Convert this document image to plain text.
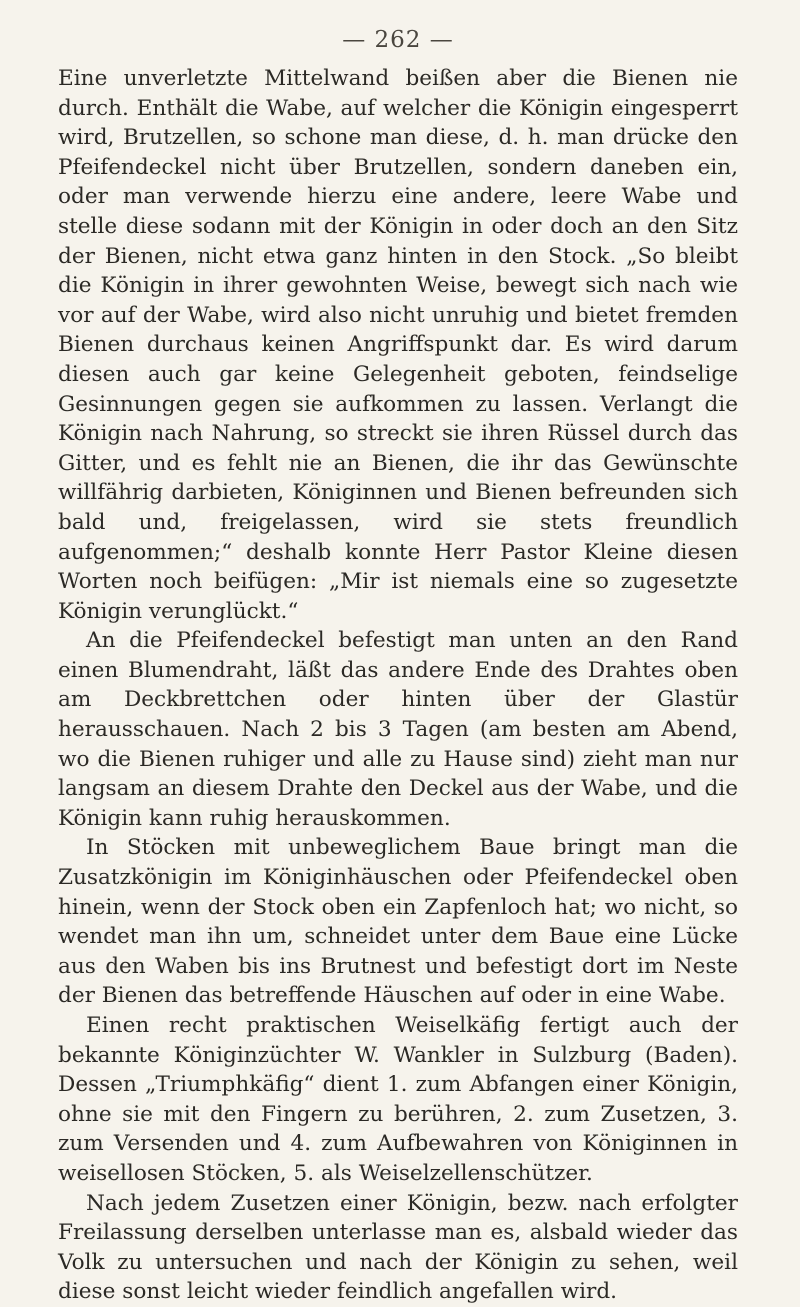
— 262 —

Eine unverletzte Mittelwand beißen aber die Bienen nie durch. Enthält die Wabe, auf welcher die Königin eingesperrt wird, Brutzellen, so schone man diese, d. h. man drücke den Pfeifendeckel nicht über Brutzellen, sondern daneben ein, oder man verwende hierzu eine andere, leere Wabe und stelle diese sodann mit der Königin in oder doch an den Sitz der Bienen, nicht etwa ganz hinten in den Stock. „So bleibt die Königin in ihrer gewohnten Weise, bewegt sich nach wie vor auf der Wabe, wird also nicht unruhig und bietet fremden Bienen durchaus keinen Angriffspunkt dar. Es wird darum diesen auch gar keine Gelegenheit geboten, feindselige Gesinnungen gegen sie aufkommen zu lassen. Verlangt die Königin nach Nahrung, so streckt sie ihren Rüssel durch das Gitter, und es fehlt nie an Bienen, die ihr das Gewünschte willfährig darbieten, Königinnen und Bienen befreunden sich bald und, freigelassen, wird sie stets freundlich aufgenommen;“ deshalb konnte Herr Pastor Kleine diesen Worten noch beifügen: „Mir ist niemals eine so zugesetzte Königin verunglückt.“

An die Pfeifendeckel befestigt man unten an den Rand einen Blumendraht, läßt das andere Ende des Drahtes oben am Deckbrettchen oder hinten über der Glastür herausschauen. Nach 2 bis 3 Tagen (am besten am Abend, wo die Bienen ruhiger und alle zu Hause sind) zieht man nur langsam an diesem Drahte den Deckel aus der Wabe, und die Königin kann ruhig herauskommen.

In Stöcken mit unbeweglichem Baue bringt man die Zusatzkönigin im Königinhäuschen oder Pfeifendeckel oben hinein, wenn der Stock oben ein Zapfenloch hat; wo nicht, so wendet man ihn um, schneidet unter dem Baue eine Lücke aus den Waben bis ins Brutnest und befestigt dort im Neste der Bienen das betreffende Häuschen auf oder in eine Wabe.

Einen recht praktischen Weiselkäfig fertigt auch der bekannte Königinzüchter W. Wankler in Sulzburg (Baden). Dessen „Triumphkäfig“ dient 1. zum Abfangen einer Königin, ohne sie mit den Fingern zu berühren, 2. zum Zusetzen, 3. zum Versenden und 4. zum Aufbewahren von Königinnen in weisellosen Stöcken, 5. als Weiselzellenschützer.

Nach jedem Zusetzen einer Königin, bezw. nach erfolgter Freilassung derselben unterlasse man es, alsbald wieder das Volk zu untersuchen und nach der Königin zu sehen, weil diese sonst leicht wieder feindlich angefallen wird.
